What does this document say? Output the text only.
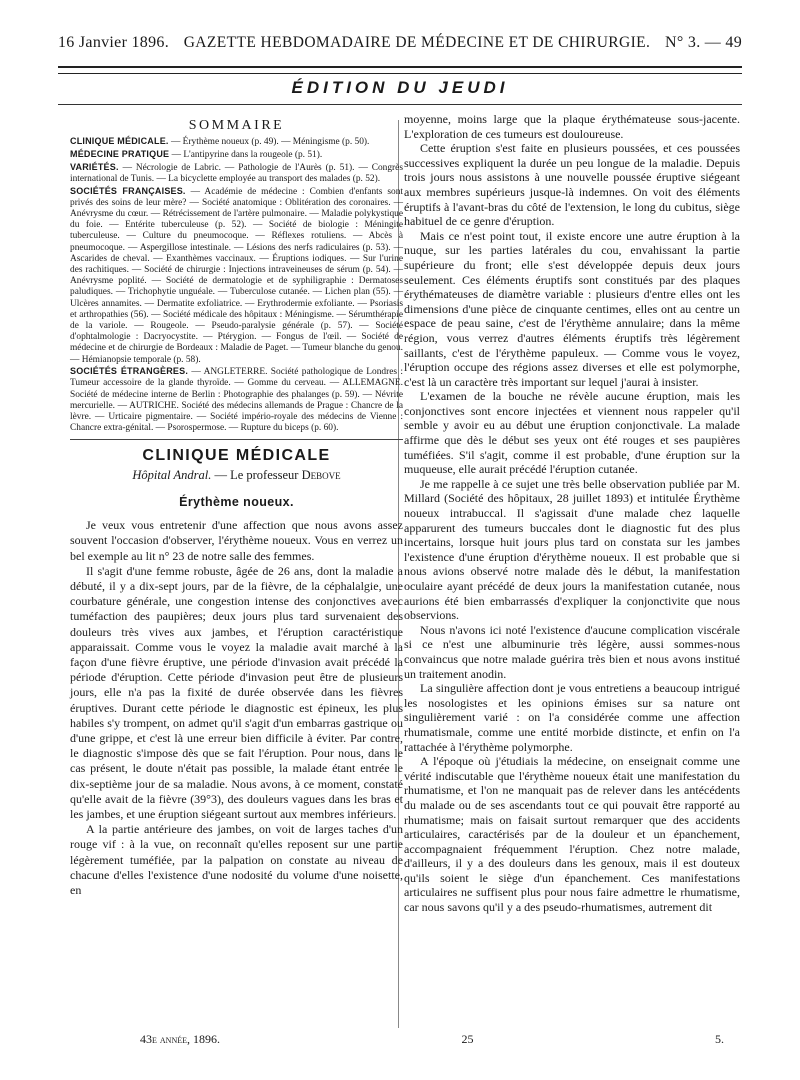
16 Janvier 1896. GAZETTE HEBDOMADAIRE DE MÉDECINE ET DE CHIRURGIE. N° 3. — 49
ÉDITION DU JEUDI
SOMMAIRE

CLINIQUE MÉDICALE. — Érythème noueux (p. 49). — Méningisme (p. 50).

MÉDECINE PRATIQUE — L'antipyrine dans la rougeole (p. 51).

VARIÉTÉS. — Nécrologie de Labric. — Pathologie de l'Aurès (p. 51). — Congrès international de Tunis. — La bicyclette employée au transport des malades (p. 52).

SOCIÉTÉS FRANÇAISES. — Académie de médecine : Combien d'enfants sont privés des soins de leur mère? — Société anatomique : Oblitération des coronaires. — Anévrysme du cœur. — Rétrécissement de l'artère pulmonaire. — Maladie polykystique du foie. — Entérite tuberculeuse (p. 52). — Société de biologie : Méningite tuberculeuse. — Culture du pneumocoque. — Réflexes rotuliens. — Abcès à pneumocoque. — Aspergillose intestinale. — Lésions des nerfs radiculaires (p. 53). — Ascarides de cheval. — Exanthèmes vaccinaux. — Éruptions iodiques. — Sur l'urine des rachitiques. — Société de chirurgie : Injections intraveineuses de sérum (p. 54). — Anévrysme poplité. — Société de dermatologie et de syphiligraphie : Dermatoses paludiques. — Trichophytie unguéale. — Tuberculose cutanée. — Lichen plan (55). — Ulcères annamites. — Dermatite exfoliatrice. — Erythrodermie exfoliante. — Psoriasis et arthropathies (56). — Société médicale des hôpitaux : Méningisme. — Sérumthérapie de la variole. — Rougeole. — Pseudo-paralysie générale (p. 57). — Société d'ophtalmologie : Dacryocystite. — Ptérygion. — Fongus de l'œil. — Société de médecine et de chirurgie de Bordeaux : Maladie de Paget. — Tumeur blanche du genou. — Hémianopsie temporale (p. 58).

SOCIÉTÉS ÉTRANGÈRES. — ANGLETERRE. Société pathologique de Londres : Tumeur accessoire de la glande thyroïde. — Gomme du cerveau. — ALLEMAGNE. Société de médecine interne de Berlin : Photographie des phalanges (p. 59). — Névrite mercurielle. — AUTRICHE. Société des médecins allemands de Prague : Chancre de la lèvre. — Urticaire pigmentaire. — Société império-royale des médecins de Vienne : Chancre extra-génital. — Psorospermose. — Rupture du biceps (p. 60).

CLINIQUE MÉDICALE
Hôpital Andral. — Le professeur Debove
Érythème noueux.

Je veux vous entretenir d'une affection que nous avons assez souvent l'occasion d'observer, l'érythème noueux. Vous en verrez un bel exemple au lit n° 23 de notre salle des femmes.

Il s'agit d'une femme robuste, âgée de 26 ans, dont la maladie a débuté, il y a dix-sept jours, par de la fièvre, de la céphalalgie, une courbature générale, une congestion intense des conjonctives avec tuméfaction des paupières; deux jours plus tard survenaient des douleurs très vives aux jambes, et l'éruption caractéristique apparaissait. Comme vous le voyez la maladie avait marché à la façon d'une fièvre éruptive, une période d'invasion avait précédé la période d'éruption. Cette période d'invasion peut être de plusieurs jours, elle n'a pas la fixité de durée observée dans les fièvres éruptives. Durant cette période le diagnostic est épineux, les plus habiles s'y trompent, on admet qu'il s'agit d'un embarras gastrique ou d'une grippe, et c'est là une erreur bien difficile à éviter. Par contre, le diagnostic s'impose dès que se fait l'éruption. Pour nous, dans le cas présent, le doute n'était pas possible, la malade étant entrée le dix-septième jour de sa maladie. Nous avons, à ce moment, constaté qu'elle avait de la fièvre (39°3), des douleurs vagues dans les bras et les jambes, et une éruption siégeant surtout aux membres inférieurs.

A la partie antérieure des jambes, on voit de larges taches d'un rouge vif : à la vue, on reconnaît qu'elles reposent sur une partie légèrement tuméfiée, par la palpation on constate au niveau de chacune d'elles l'existence d'une nodosité du volume d'une noisette, en

moyenne, moins large que la plaque érythémateuse sous-jacente. L'exploration de ces tumeurs est douloureuse.

Cette éruption s'est faite en plusieurs poussées, et ces poussées successives expliquent la durée un peu longue de la maladie. Depuis trois jours nous assistons à une nouvelle poussée éruptive siégeant aux membres supérieurs jusque-là indemnes. On voit des éléments éruptifs à l'avant-bras du côté de l'extension, le long du cubitus, siège habituel de ce genre d'éruption.

Mais ce n'est point tout, il existe encore une autre éruption à la nuque, sur les parties latérales du cou, envahissant la partie supérieure du front; elle s'est développée depuis deux jours seulement. Ces éléments éruptifs sont constitués par des plaques érythémateuses de diamètre variable : plusieurs d'entre elles ont les dimensions d'une pièce de cinquante centimes, elles ont au centre un espace de peau saine, c'est de l'érythème annulaire; dans la même région, vous verrez d'autres éléments éruptifs très légèrement saillants, c'est de l'érythème papuleux. — Comme vous le voyez, l'éruption occupe des régions assez diverses et elle est polymorphe, c'est là un caractère très important sur lequel j'aurai à insister.

L'examen de la bouche ne révèle aucune éruption, mais les conjonctives sont encore injectées et viennent nous rappeler qu'il semble y avoir eu au début une éruption conjonctivale. La malade affirme que dès le début ses yeux ont été rouges et ses paupières tuméfiées. S'il s'agit, comme il est probable, d'une éruption sur la muqueuse, elle aurait précédé l'éruption cutanée.

Je me rappelle à ce sujet une très belle observation publiée par M. Millard (Société des hôpitaux, 28 juillet 1893) et intitulée Érythème noueux intrabuccal. Il s'agissait d'une malade chez laquelle apparurent des tumeurs buccales dont le diagnostic fut des plus incertains, lorsque huit jours plus tard on constata sur les jambes l'existence d'une éruption d'érythème noueux. Il est probable que si nous avions observé notre malade dès le début, la manifestation oculaire ayant précédé de deux jours la manifestation cutanée, nous aurions été bien embarrassés d'expliquer la conjonctivite que nous observions.

Nous n'avons ici noté l'existence d'aucune complication viscérale si ce n'est une albuminurie très légère, aussi sommes-nous convaincus que notre malade guérira très bien et nous avons institué un traitement anodin.

La singulière affection dont je vous entretiens a beaucoup intrigué les nosologistes et les opinions émises sur sa nature ont singulièrement varié : on l'a considérée comme une affection rhumatismale, comme une entité morbide distincte, et enfin on l'a rattachée à l'érythème polymorphe.

A l'époque où j'étudiais la médecine, on enseignait comme une vérité indiscutable que l'érythème noueux était une manifestation du rhumatisme, et l'on ne manquait pas de relever dans les antécédents du malade ou de ses ascendants tout ce qui pouvait être rapporté au rhumatisme; mais on faisait surtout remarquer que des accidents articulaires, caractérisés par de la douleur et un épanchement, accompagnaient fréquemment l'éruption. Chez notre malade, d'ailleurs, il y a des douleurs dans les genoux, mais il est douteux qu'ils soient le siège d'un épanchement. Ces manifestations articulaires ne suffisent plus pour nous faire admettre le rhumatisme, car nous savons qu'il y a des pseudo-rhumatismes, autrement dit

43e année, 1896.	25	5.
